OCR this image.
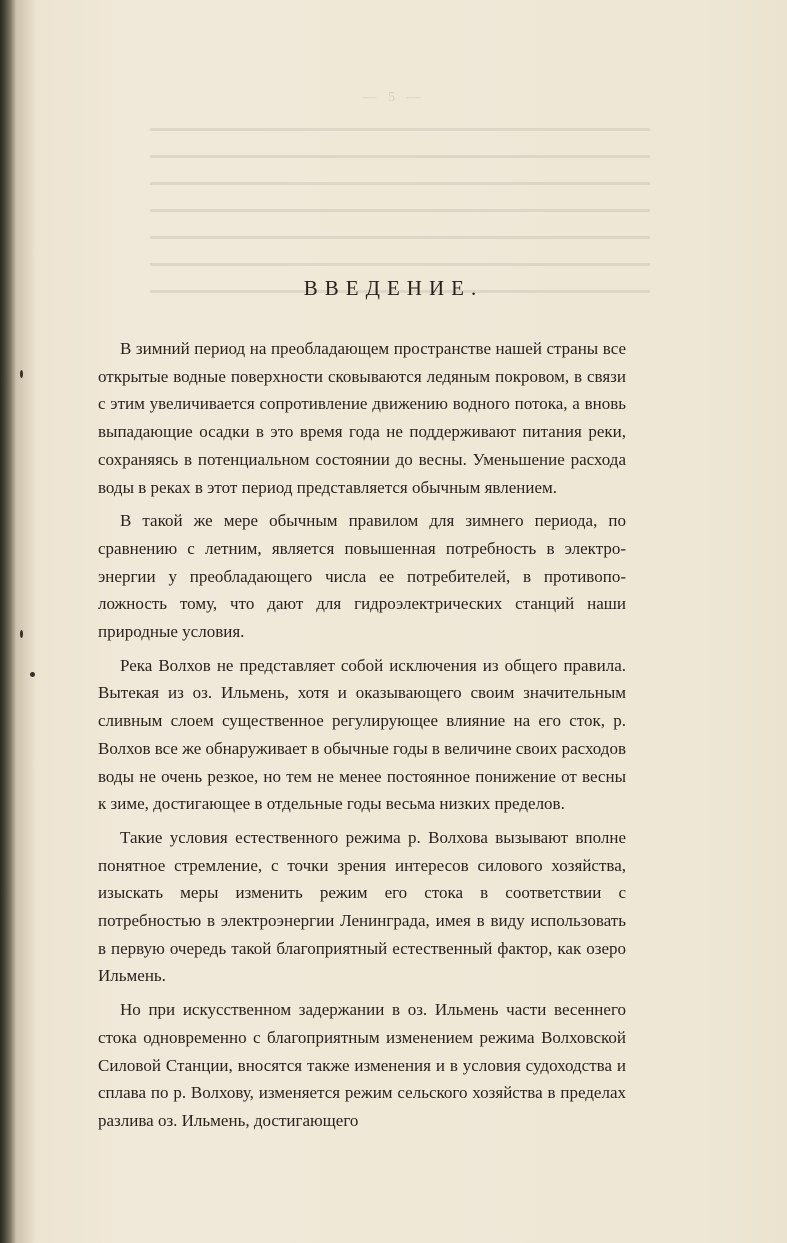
— 5 —
ВВЕДЕНИЕ.

В зимний период на преобладающем пространстве нашей страны все открытые водные поверхности сковываются ледяным покровом, в связи с этим увеличивается сопротивление движению водного потока, а вновь выпадающие осадки в это время года не поддерживают питания реки, сохраняясь в потенциальном состоянии до весны. Уменьшение расхода воды в реках в этот период представляется обычным явлением.

В такой же мере обычным правилом для зимнего периода, по сравнению с летним, является повышенная потребность в электроэнергии у преобладающего числа ее потребителей, в противоположность тому, что дают для гидроэлектрических станций наши природные условия.

Река Волхов не представляет собой исключения из общего правила. Вытекая из оз. Ильмень, хотя и оказывающего своим значительным сливным слоем существенное регулирующее влияние на его сток, р. Волхов все же обнаруживает в обычные годы в величине своих расходов воды не очень резкое, но тем не менее постоянное понижение от весны к зиме, достигающее в отдельные годы весьма низких пределов.

Такие условия естественного режима р. Волхова вызывают вполне понятное стремление, с точки зрения интересов силового хозяйства, изыскать меры изменить режим его стока в соответствии с потребностью в электроэнергии Ленинграда, имея в виду использовать в первую очередь такой благоприятный естественный фактор, как озеро Ильмень.

Но при искусственном задержании в оз. Ильмень части весеннего стока одновременно с благоприятным изменением режима Волховской Силовой Станции, вносятся также изменения и в условия судоходства и сплава по р. Волхову, изменяется режим сельского хозяйства в пределах разлива оз. Ильмень, достигающего
